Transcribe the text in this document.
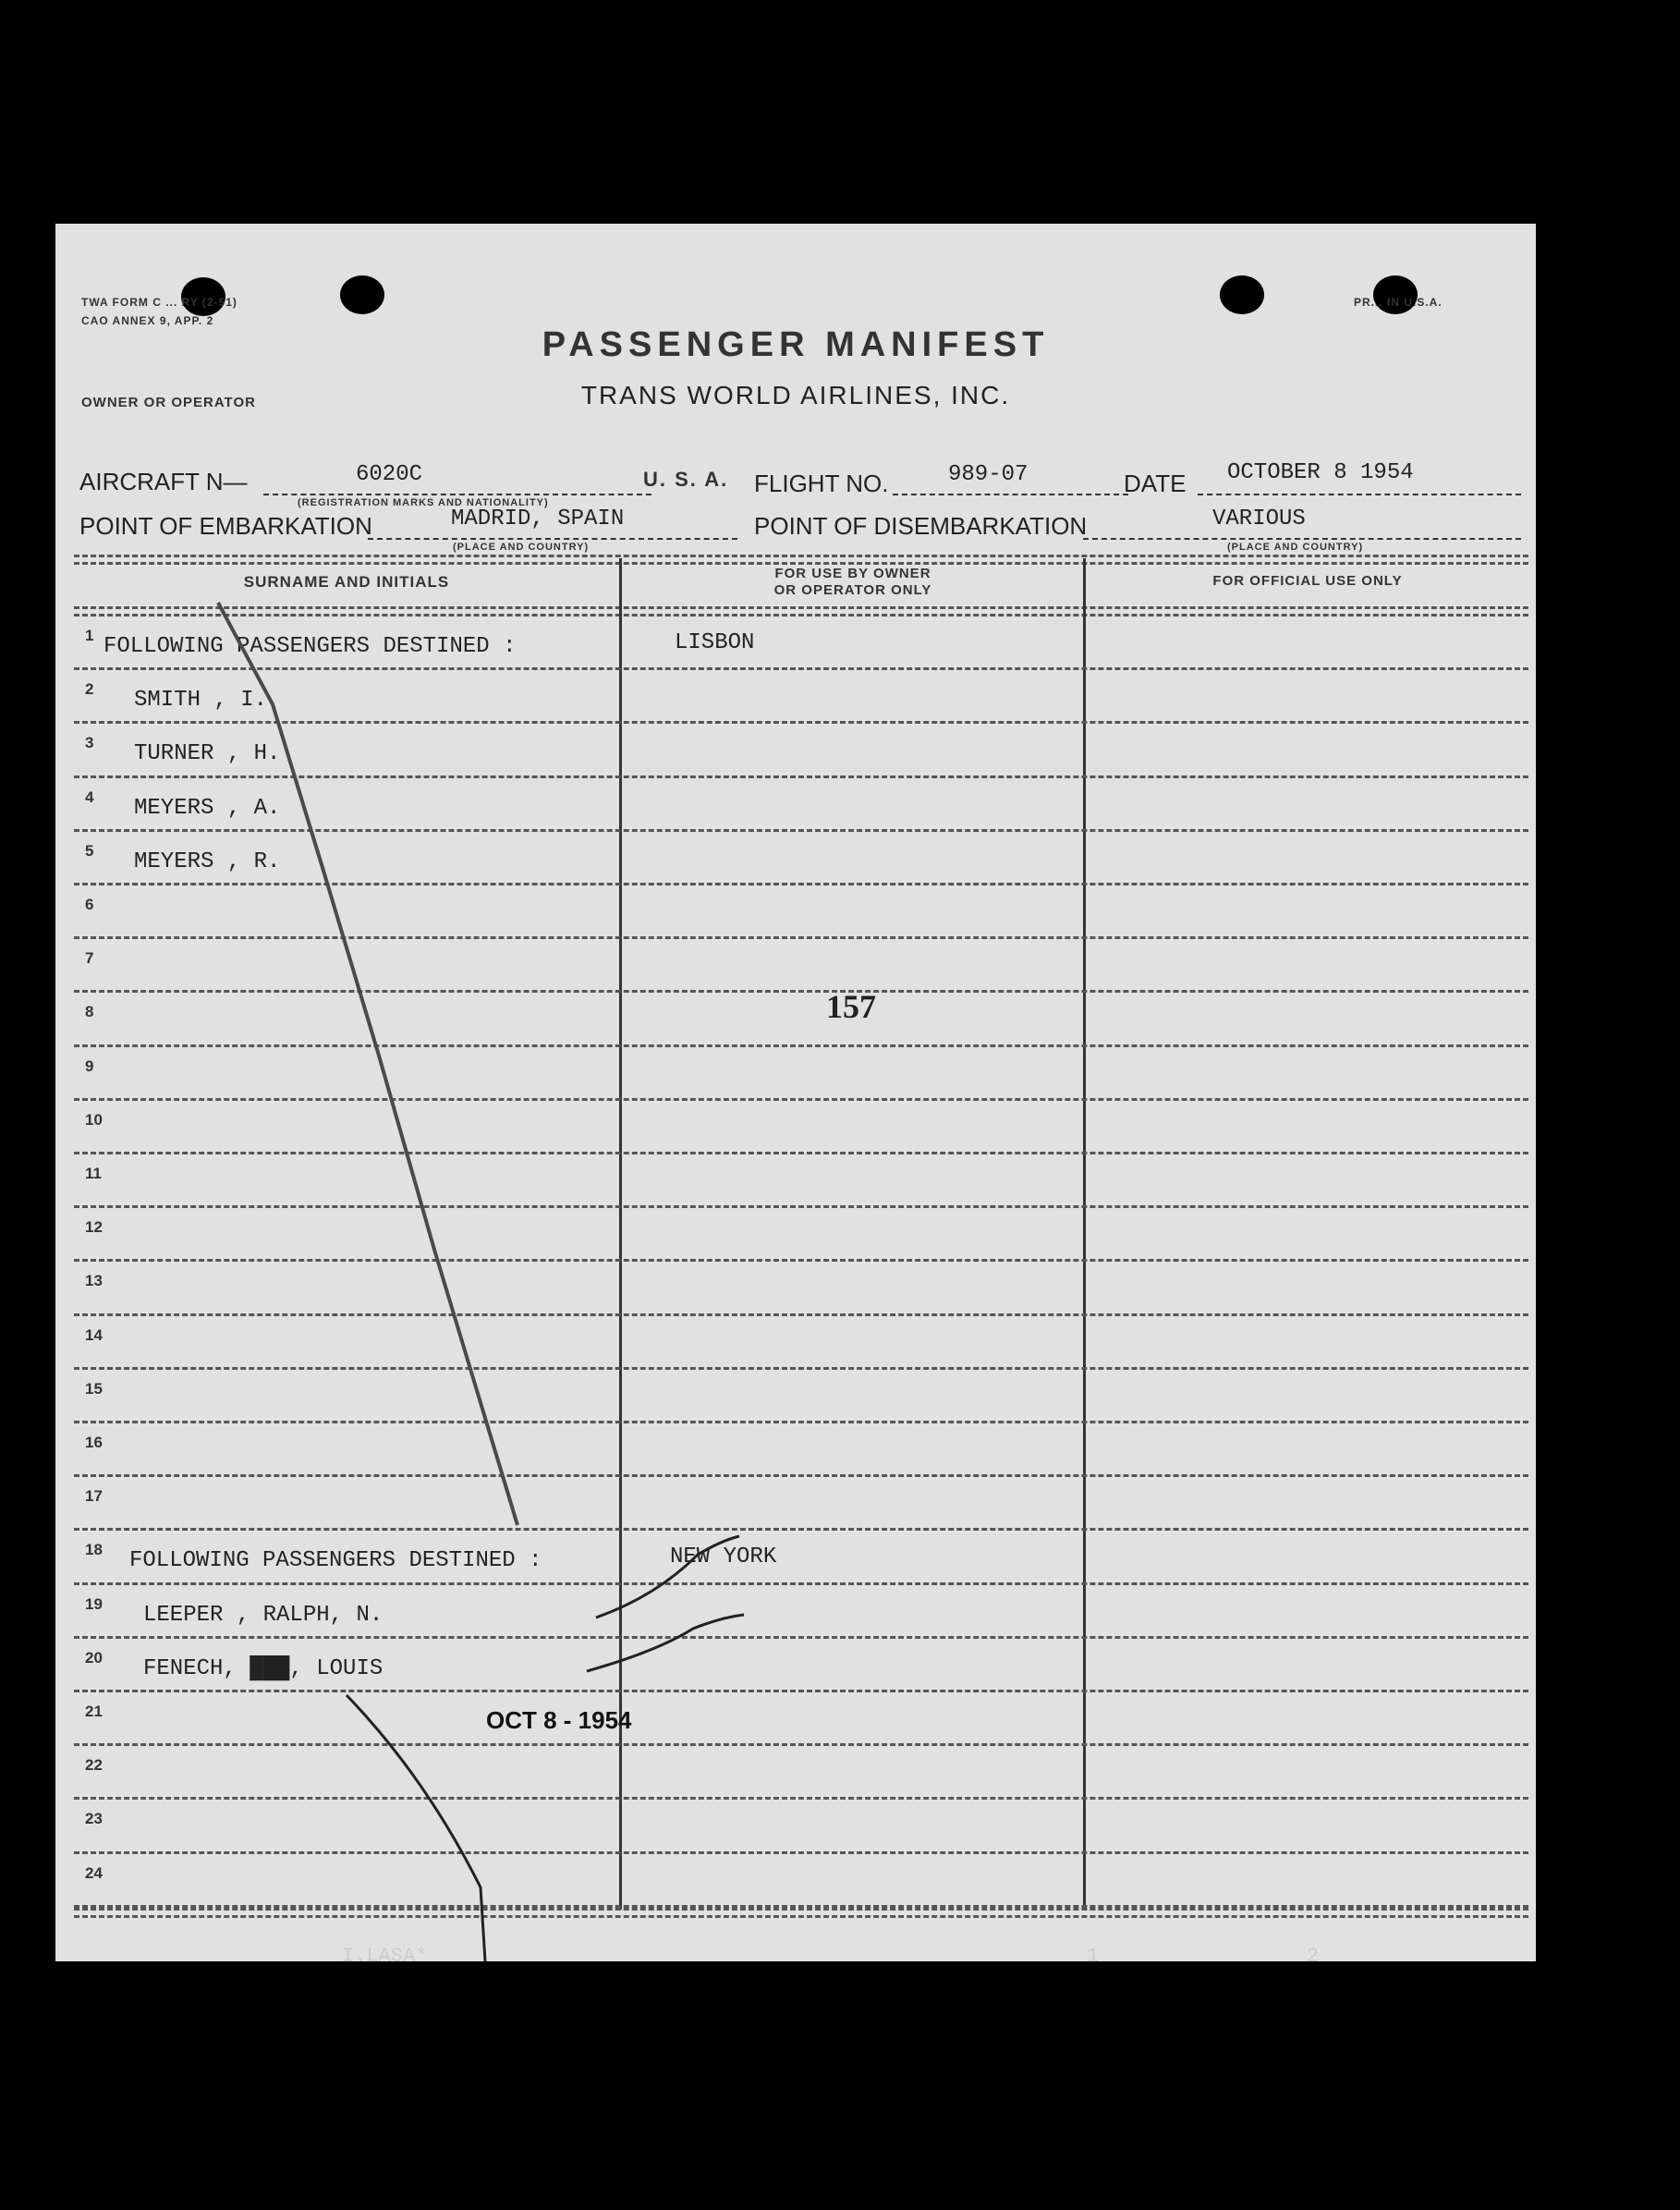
TWA FORM C ... RY (2-51)
CAO ANNEX 9, APP. 2
PR... IN U.S.A.
PASSENGER MANIFEST
TRANS WORLD AIRLINES, INC.
OWNER OR OPERATOR
AIRCRAFT N—	6020C
(REGISTRATION MARKS AND NATIONALITY)
U. S. A. FLIGHT NO.	989-07	DATE OCTOBER 8 1954
POINT OF EMBARKATION	MADRID, SPAIN
(PLACE AND COUNTRY)
POINT OF DISEMBARKATION	VARIOUS
(PLACE AND COUNTRY)
SURNAME AND INITIALS	FOR USE BY OWNER
OR OPERATOR ONLY
FOR OFFICIAL USE ONLY
1 FOLLOWING PASSENGERS DESTINED :	LISBON
2 SMITH , I.
3 TURNER , H.
4 MEYERS , A.
5 MEYERS , R.
6
7
8
9
10
11
12
13
14
15
16
17
18 FOLLOWING PASSENGERS DESTINED :	NEW YORK
19 LEEPER , RALPH, N.
20 FENECH, ███, LOUIS
21
22
23
24
157
OCT 8 - 1954
I.LASA*	1	2
